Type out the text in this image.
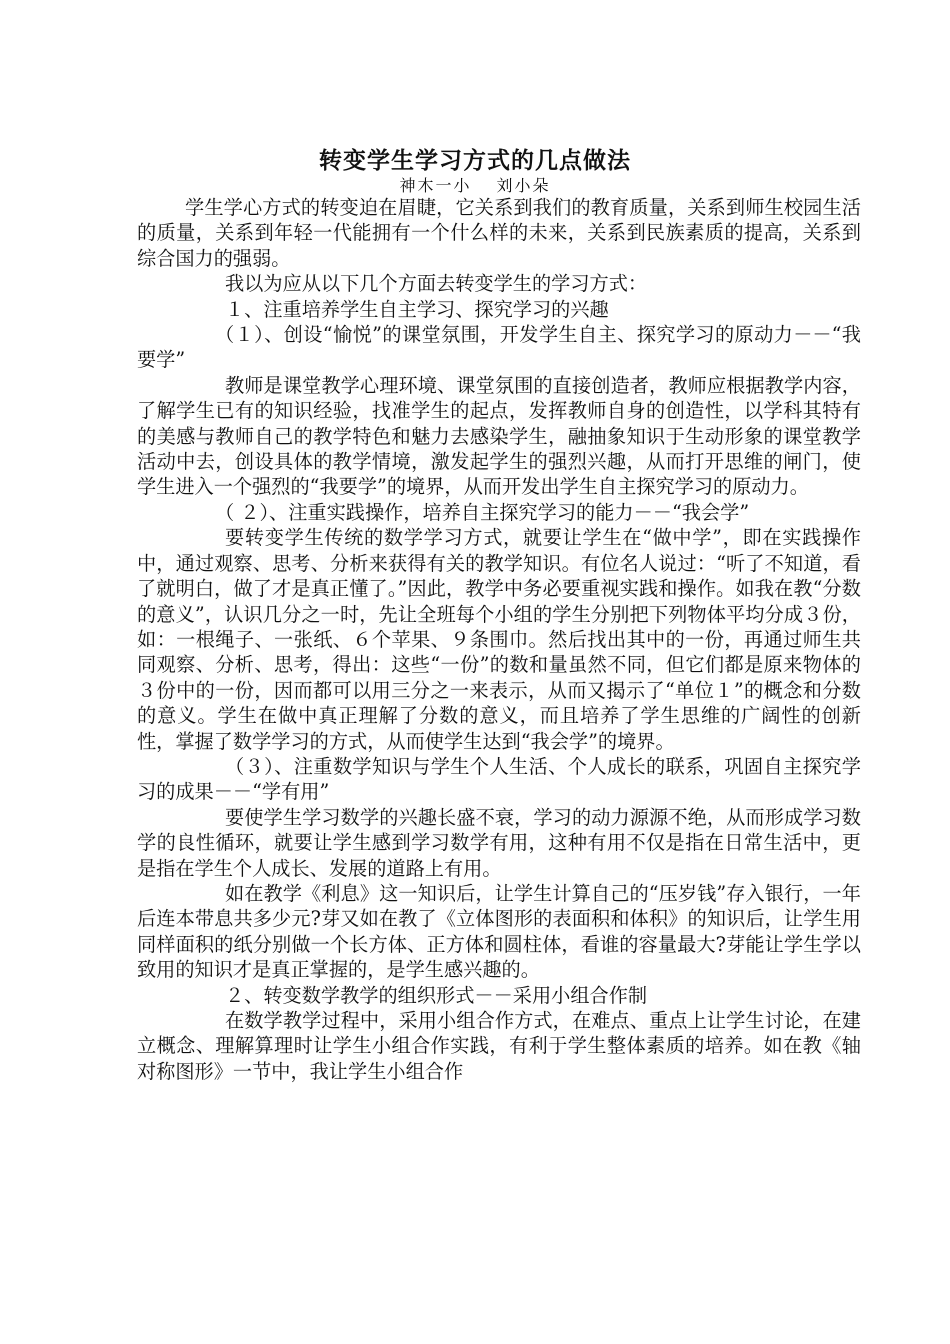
转变学生学习方式的几点做法
神木一小　 刘小朵

学生学心方式的转变迫在眉睫，它关系到我们的教育质量，关系到师生校园生活的质量，关系到年轻一代能拥有一个什么样的未来，关系到民族素质的提高，关系到综合国力的强弱。

我以为应从以下几个方面去转变学生的学习方式：

１、注重培养学生自主学习、探究学习的兴趣

（１）、创设“愉悦”的课堂氛围，开发学生自主、探究学习的原动力－－“我要学”

教师是课堂教学心理环境、课堂氛围的直接创造者，教师应根据教学内容，了解学生已有的知识经验，找准学生的起点，发挥教师自身的创造性，以学科其特有的美感与教师自己的教学特色和魅力去感染学生，融抽象知识于生动形象的课堂教学活动中去，创设具体的教学情境，激发起学生的强烈兴趣，从而打开思维的闸门，使学生进入一个强烈的“我要学”的境界，从而开发出学生自主探究学习的原动力。

（ ２）、注重实践操作，培养自主探究学习的能力－－“我会学”

要转变学生传统的数学学习方式，就要让学生在“做中学”，即在实践操作中，通过观察、思考、分析来获得有关的教学知识。有位名人说过：“听了不知道，看了就明白，做了才是真正懂了。”因此，教学中务必要重视实践和操作。如我在教“分数的意义”，认识几分之一时，先让全班每个小组的学生分别把下列物体平均分成３份，如：一根绳子、一张纸、６个苹果、９条围巾。然后找出其中的一份，再通过师生共同观察、分析、思考，得出：这些“一份”的数和量虽然不同，但它们都是原来物体的３份中的一份，因而都可以用三分之一来表示，从而又揭示了“单位１”的概念和分数的意义。学生在做中真正理解了分数的意义，而且培养了学生思维的广阔性的创新性，掌握了数学学习的方式，从而使学生达到“我会学”的境界。

（３）、注重数学知识与学生个人生活、个人成长的联系，巩固自主探究学习的成果－－“学有用”

要使学生学习数学的兴趣长盛不衰，学习的动力源源不绝，从而形成学习数学的良性循环，就要让学生感到学习数学有用，这种有用不仅是指在日常生活中，更是指在学生个人成长、发展的道路上有用。

如在教学《利息》这一知识后，让学生计算自己的“压岁钱”存入银行，一年后连本带息共多少元?芽又如在教了《立体图形的表面积和体积》的知识后，让学生用同样面积的纸分别做一个长方体、正方体和圆柱体，看谁的容量最大?芽能让学生学以致用的知识才是真正掌握的，是学生感兴趣的。

２、转变数学教学的组织形式－－采用小组合作制

在数学教学过程中，采用小组合作方式，在难点、重点上让学生讨论，在建立概念、理解算理时让学生小组合作实践，有利于学生整体素质的培养。如在教《轴对称图形》一节中，我让学生小组合作
